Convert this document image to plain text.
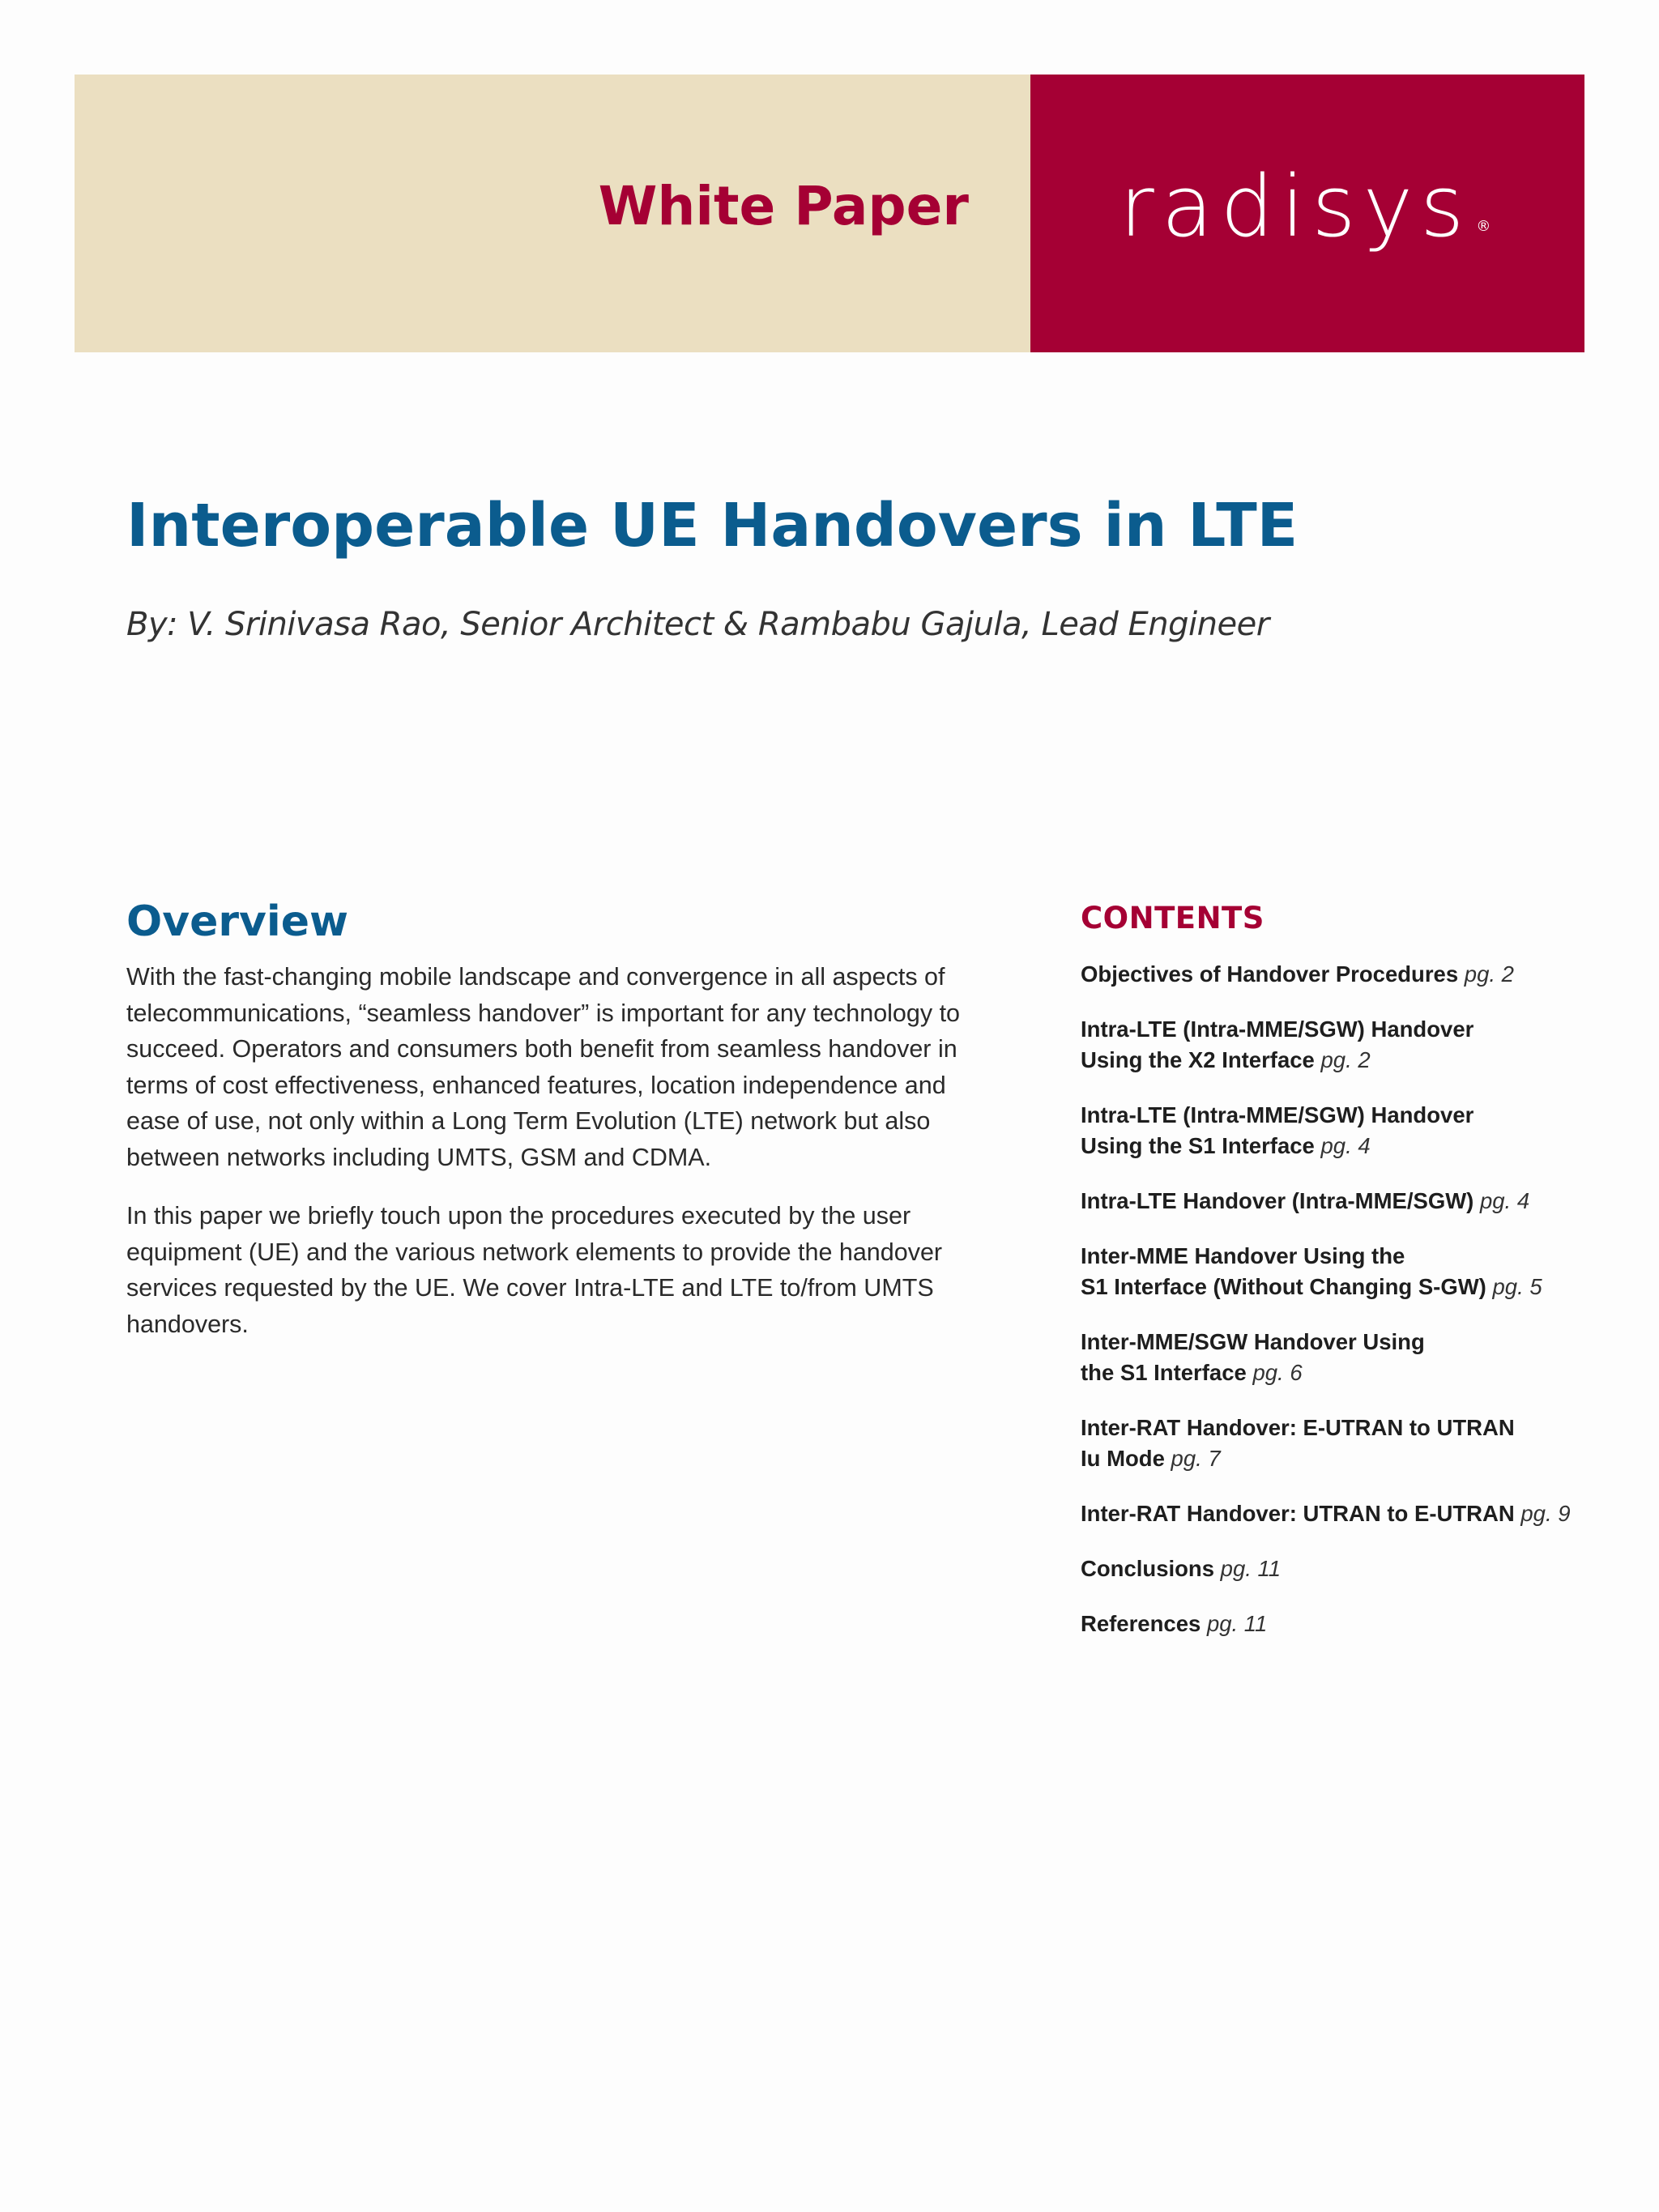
White Paper radisys ®
Interoperable UE Handovers in LTE
By: V. Srinivasa Rao, Senior Architect & Rambabu Gajula, Lead Engineer
Overview

With the fast-changing mobile landscape and convergence in all aspects of telecommunications, “seamless handover” is important for any technology to succeed. Operators and consumers both benefit from seamless handover in terms of cost effectiveness, enhanced features, location independence and ease of use, not only within a Long Term Evolution (LTE) network but also between networks including UMTS, GSM and CDMA.

In this paper we briefly touch upon the procedures executed by the user equipment (UE) and the various network elements to provide the handover services requested by the UE. We cover Intra-LTE and LTE to/from UMTS handovers.

CONTENTS
Objectives of Handover Procedures pg. 2
Intra-LTE (Intra-MME/SGW) Handover
Using the X2 Interface pg. 2
Intra-LTE (Intra-MME/SGW) Handover
Using the S1 Interface pg. 4
Intra-LTE Handover (Intra-MME/SGW) pg. 4
Inter-MME Handover Using the
S1 Interface (Without Changing S-GW) pg. 5
Inter-MME/SGW Handover Using
the S1 Interface pg. 6
Inter-RAT Handover: E-UTRAN to UTRAN
Iu Mode pg. 7
Inter-RAT Handover: UTRAN to E-UTRAN pg. 9
Conclusions pg. 11
References pg. 11
